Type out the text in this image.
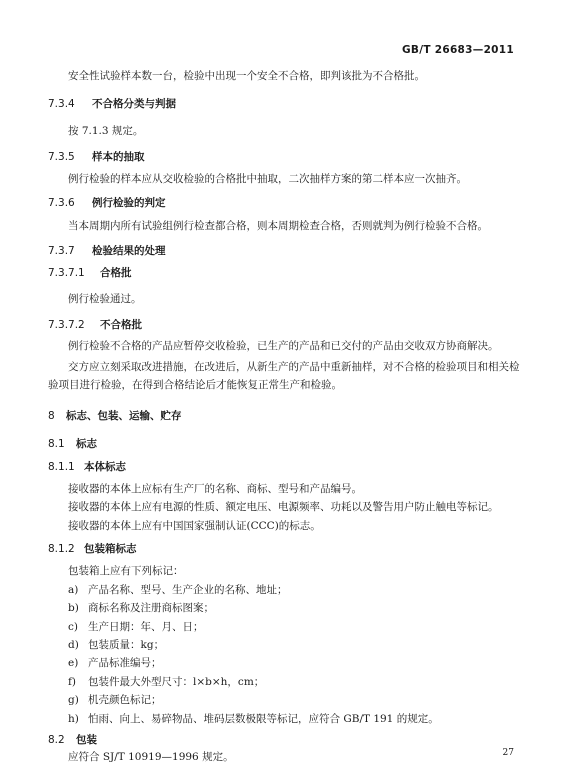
GB/T 26683—2011
安全性试验样本数一台，检验中出现一个安全不合格，即判该批为不合格批。
7.3.4 不合格分类与判据
按 7.1.3 规定。
7.3.5 样本的抽取
例行检验的样本应从交收检验的合格批中抽取，二次抽样方案的第二样本应一次抽齐。
7.3.6 例行检验的判定
当本周期内所有试验组例行检查都合格，则本周期检查合格，否则就判为例行检验不合格。
7.3.7 检验结果的处理
7.3.7.1 合格批
例行检验通过。
7.3.7.2 不合格批
例行检验不合格的产品应暂停交收检验，已生产的产品和已交付的产品由交收双方协商解决。
交方应立刻采取改进措施，在改进后，从新生产的产品中重新抽样，对不合格的检验项目和相关检
验项目进行检验，在得到合格结论后才能恢复正常生产和检验。
8 标志、包装、运输、贮存
8.1 标志
8.1.1 本体标志
接收器的本体上应标有生产厂的名称、商标、型号和产品编号。
接收器的本体上应有电源的性质、额定电压、电源频率、功耗以及警告用户防止触电等标记。
接收器的本体上应有中国国家强制认证(CCC)的标志。
8.1.2 包装箱标志
包装箱上应有下列标记：
a) 产品名称、型号、生产企业的名称、地址；
b) 商标名称及注册商标图案；
c) 生产日期：年、月、日；
d) 包装质量：kg；
e) 产品标准编号；
f) 包装件最大外型尺寸：l×b×h，cm；
g) 机壳颜色标记；
h) 怕雨、向上、易碎物品、堆码层数极限等标记，应符合 GB/T 191 的规定。
8.2 包装
应符合 SJ/T 10919—1996 规定。	27
